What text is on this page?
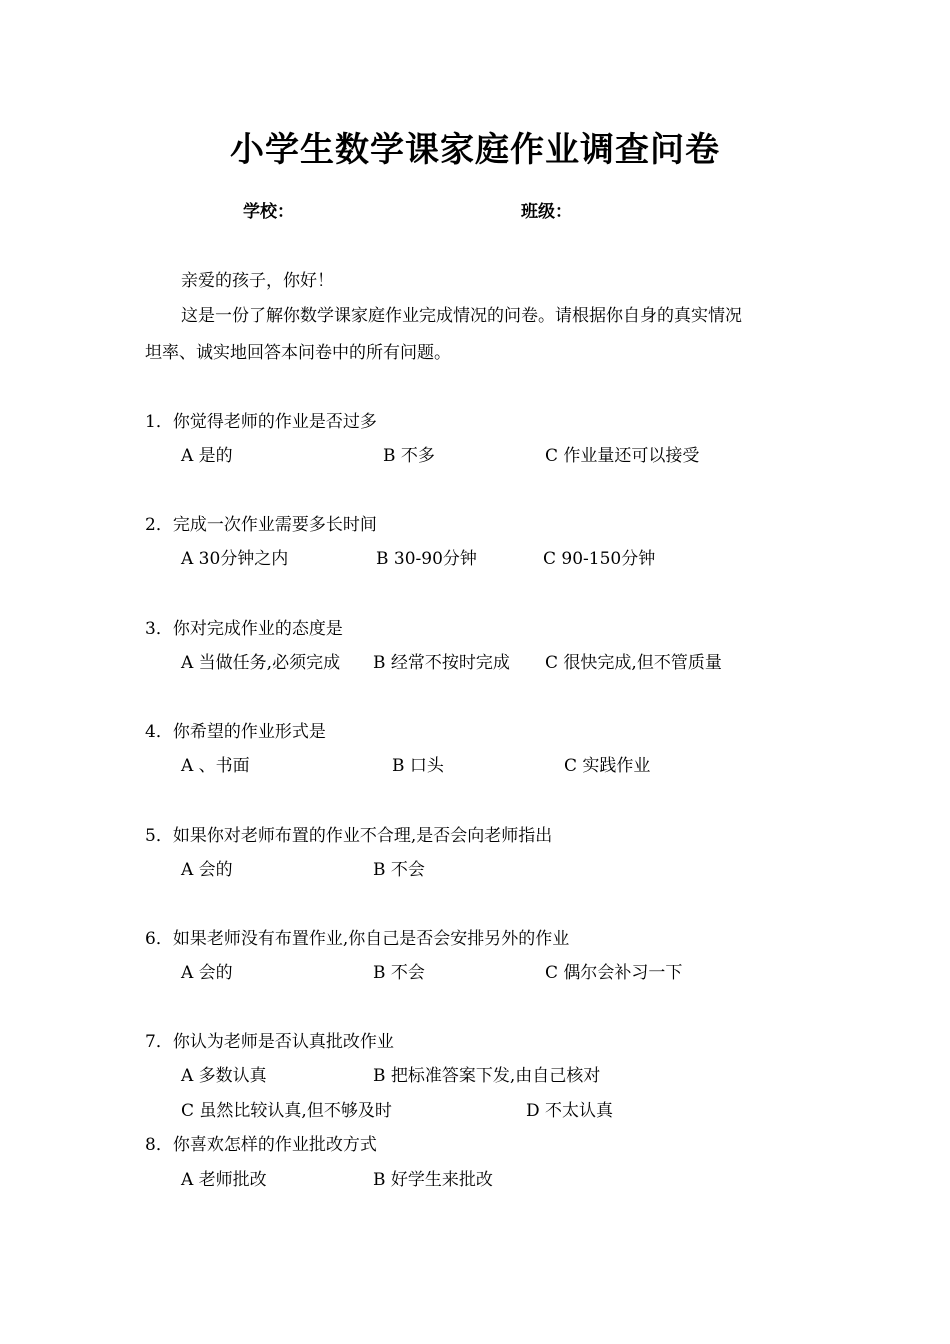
小学生数学课家庭作业调查问卷
学校：	班级：
亲爱的孩子，你好！
这是一份了解你数学课家庭作业完成情况的问卷。请根据你自身的真实情况
坦率、诚实地回答本问卷中的所有问题。
1．你觉得老师的作业是否过多
A 是的	B 不多	C 作业量还可以接受
2．完成一次作业需要多长时间
A 30分钟之内	B 30-90分钟	C 90-150分钟
3．你对完成作业的态度是
A 当做任务,必须完成 B 经常不按时完成 C 很快完成,但不管质量
4．你希望的作业形式是
A 、书面	B 口头	C 实践作业
5．如果你对老师布置的作业不合理,是否会向老师指出
A 会的	B 不会
6．如果老师没有布置作业,你自己是否会安排另外的作业
A 会的	B 不会	C 偶尔会补习一下
7．你认为老师是否认真批改作业
A 多数认真	B 把标准答案下发,由自己核对
C 虽然比较认真,但不够及时	D 不太认真
8．你喜欢怎样的作业批改方式
A 老师批改	B 好学生来批改
